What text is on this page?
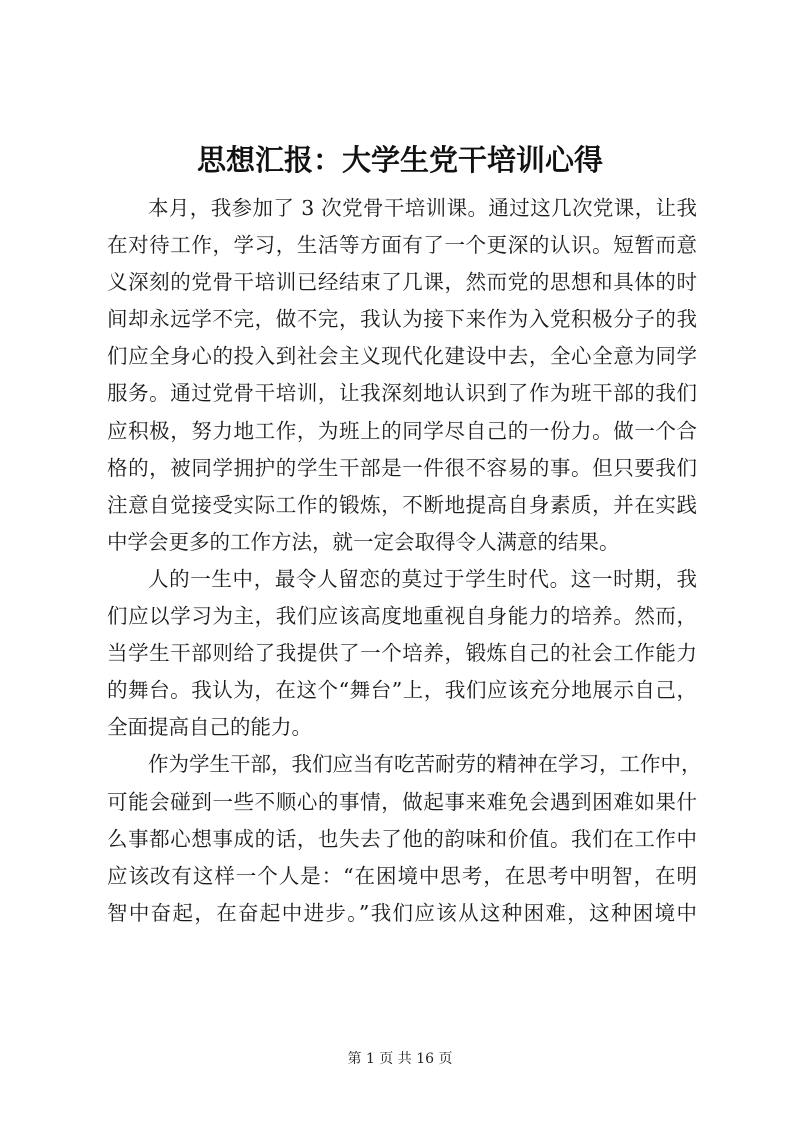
思想汇报：大学生党干培训心得
本月，我参加了 3 次党骨干培训课。通过这几次党课，让我
在对待工作，学习，生活等方面有了一个更深的认识。短暂而意
义深刻的党骨干培训已经结束了几课，然而党的思想和具体的时
间却永远学不完，做不完，我认为接下来作为入党积极分子的我
们应全身心的投入到社会主义现代化建设中去，全心全意为同学
服务。通过党骨干培训，让我深刻地认识到了作为班干部的我们
应积极，努力地工作，为班上的同学尽自己的一份力。做一个合
格的，被同学拥护的学生干部是一件很不容易的事。但只要我们
注意自觉接受实际工作的锻炼，不断地提高自身素质，并在实践
中学会更多的工作方法，就一定会取得令人满意的结果。
人的一生中，最令人留恋的莫过于学生时代。这一时期，我
们应以学习为主，我们应该高度地重视自身能力的培养。然而，
当学生干部则给了我提供了一个培养，锻炼自己的社会工作能力
的舞台。我认为，在这个“舞台”上，我们应该充分地展示自己，
全面提高自己的能力。
作为学生干部，我们应当有吃苦耐劳的精神在学习，工作中，
可能会碰到一些不顺心的事情，做起事来难免会遇到困难如果什
么事都心想事成的话，也失去了他的韵味和价值。我们在工作中
应该改有这样一个人是：“在困境中思考，在思考中明智，在明
智中奋起，在奋起中进步。”我们应该从这种困难，这种困境中
第 1 页 共 16 页
